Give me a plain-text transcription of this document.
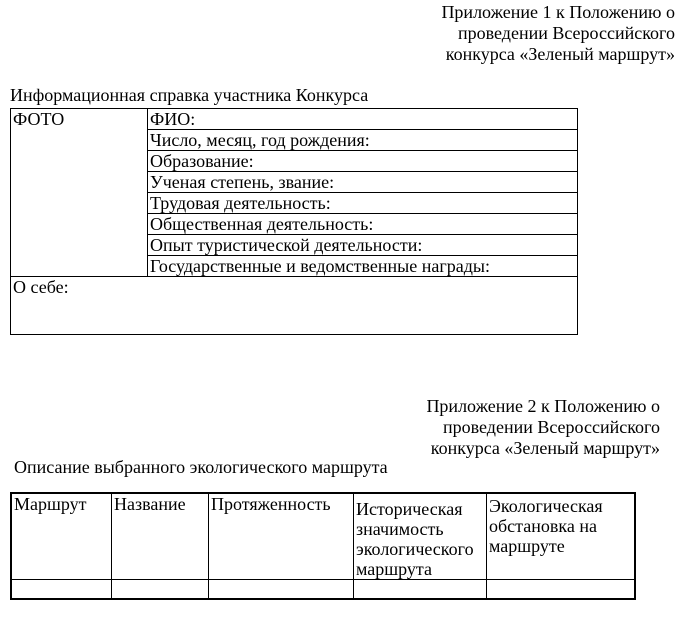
Приложение 1 к Положению о
проведении Всероссийского
конкурса «Зеленый маршрут»
Информационная справка участника Конкурса
ФОТО	ФИО:
Число, месяц, год рождения:
Образование:
Ученая степень, звание:
Трудовая деятельность:
Общественная деятельность:
Опыт туристической деятельности:
Государственные и ведомственные награды:
О себе:
Приложение 2 к Положению о
проведении Всероссийского
конкурса «Зеленый маршрут»
Описание выбранного экологического маршрута
Маршрут	Название	Протяженность	Историческая значимость экологического маршрута	Экологическая обстановка на маршруте
